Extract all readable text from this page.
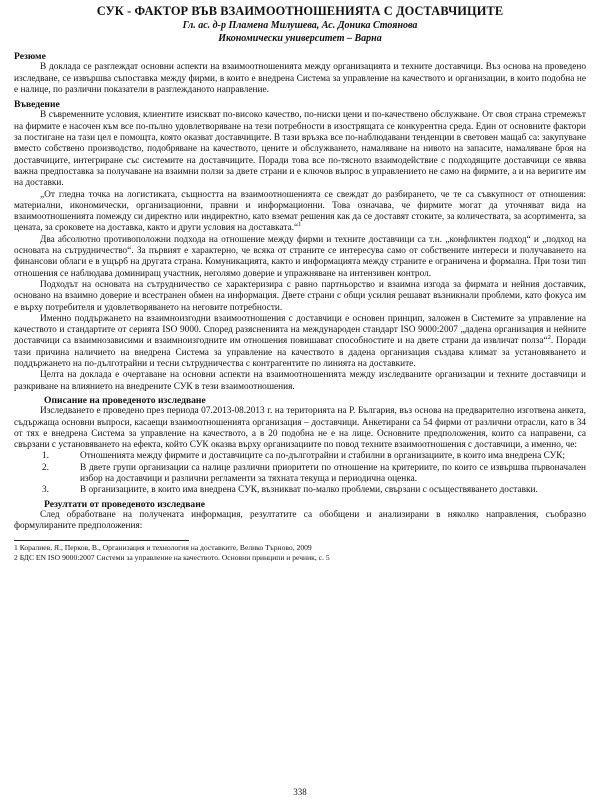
СУК - ФАКТОР ВЪВ ВЗАИМООТНОШЕНИЯТА С ДОСТАВЧИЦИТЕ
Гл. ас. д-р Пламена Милушева, Ас. Доника Стоянова
Икономически университет – Варна
Резюме

В доклада се разглеждат основни аспекти на взаимоотношенията между организацията и техните доставчици. Въз основа на проведено изследване, се извършва съпоставка между фирми, в които е внедрена Система за управление на качеството и организации, в които подобна не е налице, по различни показатели в разглежданото направление.

Въведение

В съвременните условия, клиентите изискват по-високо качество, по-ниски цени и по-качествено обслужване. От своя страна стремежът на фирмите е насочен към все по-пълно удовлетворяване на тези потребности в изострящата се конкурентна среда. Един от основните фактори за постигане на тази цел е помощта, която оказват доставчиците. В тази връзка все по-наблюдавани тенденции в световен мащаб са: закупуване вместо собствено производство, подобряване на качеството, цените и обслужването, намаляване на нивото на запасите, намаляване броя на доставчиците, интегриране със системите на доставчиците. Поради това все по-тясното взаимодействие с подходящите доставчици се явява важна предпоставка за получаване на взаимни ползи за двете страни и е ключов въпрос в управлението не само на фирмите, а и на веригите им на доставки.

„От гледна точка на логистиката, същността на взаимоотношенията се свеждат до разбирането, че те са съвкупност от отношения: материални, икономически, организационни, правни и информационни. Това означава, че фирмите могат да уточняват вида на взаимоотношенията помежду си директно или индиректно, като вземат решения как да се доставят стоките, за количествата, за асортимента, за цената, за сроковете на доставка, както и други условия на доставката.“$^1$

Два абсолютно противоположни подхода на отношение между фирми и техните доставчици са т.н. „конфликтен подход“ и „подход на основата на сътрудничество“. За първият е характерно, че всяка от страните се интересува само от собствените интереси и получаването на финансови облаги е в ущърб на другата страна. Комуникацията, както и информацията между страните е ограничена и формална. При този тип отношения се наблюдава доминиращ участник, неголямо доверие и упражняване на интензивен контрол.

Подходът на основата на сътрудничество се характеризира с равно партньорство и взаимна изгода за фирмата и нейния доставчик, основано на взаимно доверие и всестранен обмен на информация. Двете страни с общи усилия решават възникнали проблеми, като фокуса им е върху потребителя и удовлетворяването на неговите потребности.

Именно поддържането на взаимноизгодни взаимоотношения с доставчици е основен принцип, заложен в Системите за управление на качеството и стандартите от серията ISO 9000. Според разясненията на международен стандарт ISO 9000:2007 „дадена организация и нейните доставчици са взаимнозависими и взаимноизгодните им отношения повишават способностите и на двете страни да извличат полза“$^2$. Поради тази причина наличието на внедрена Система за управление на качеството в дадена организация създава климат за установяването и поддържането на по-дълготрайни и тесни сътрудничества с контрагентите по линията на доставките.

Целта на доклада е очертаване на основни аспекти на взаимоотношенията между изследваните организации и техните доставчици и разкриване на влиянието на внедрените СУК в тези взаимоотношения.

Описание на проведеното изследване

Изследването е проведено през периода 07.2013-08.2013 г. на територията на Р. България, въз основа на предварително изготвена анкета, съдържаща основни въпроси, касаещи взаимоотношенията организация – доставчици. Анкетирани са 54 фирми от различни отрасли, като в 34 от тях е внедрена Система за управление на качеството, а в 20 подобна не е на лице. Основните предположения, които са направени, са свързани с установяването на ефекта, който СУК оказва върху организациите по повод техните взаимоотношения с доставчици, а именно, че:

1.	Отношенията между фирмите и доставчиците са по-дълготрайни и стабилни в организациите, в които има внедрена СУК;
2.	В двете групи организации са налице различни приоритети по отношение на критериите, по които се извършва първоначален избор на доставчици и различни регламенти за тяхната текуща и периодична оценка.
3.	В организациите, в които има внедрена СУК, възникват по-малко проблеми, свързани с осъществяването доставки.
Резултати от проведеното изследване

След обработване на получената информация, резултатите са обобщени и анализирани в няколко направления, съобразно формулираните предположения:

1 Коралиев, Я., Перков, В., Организация и технология на доставките, Велико Търново, 2009

2 БДС EN ISO 9000:2007 Системи за управление на качеството. Основни принципи и речник, с. 5

338
